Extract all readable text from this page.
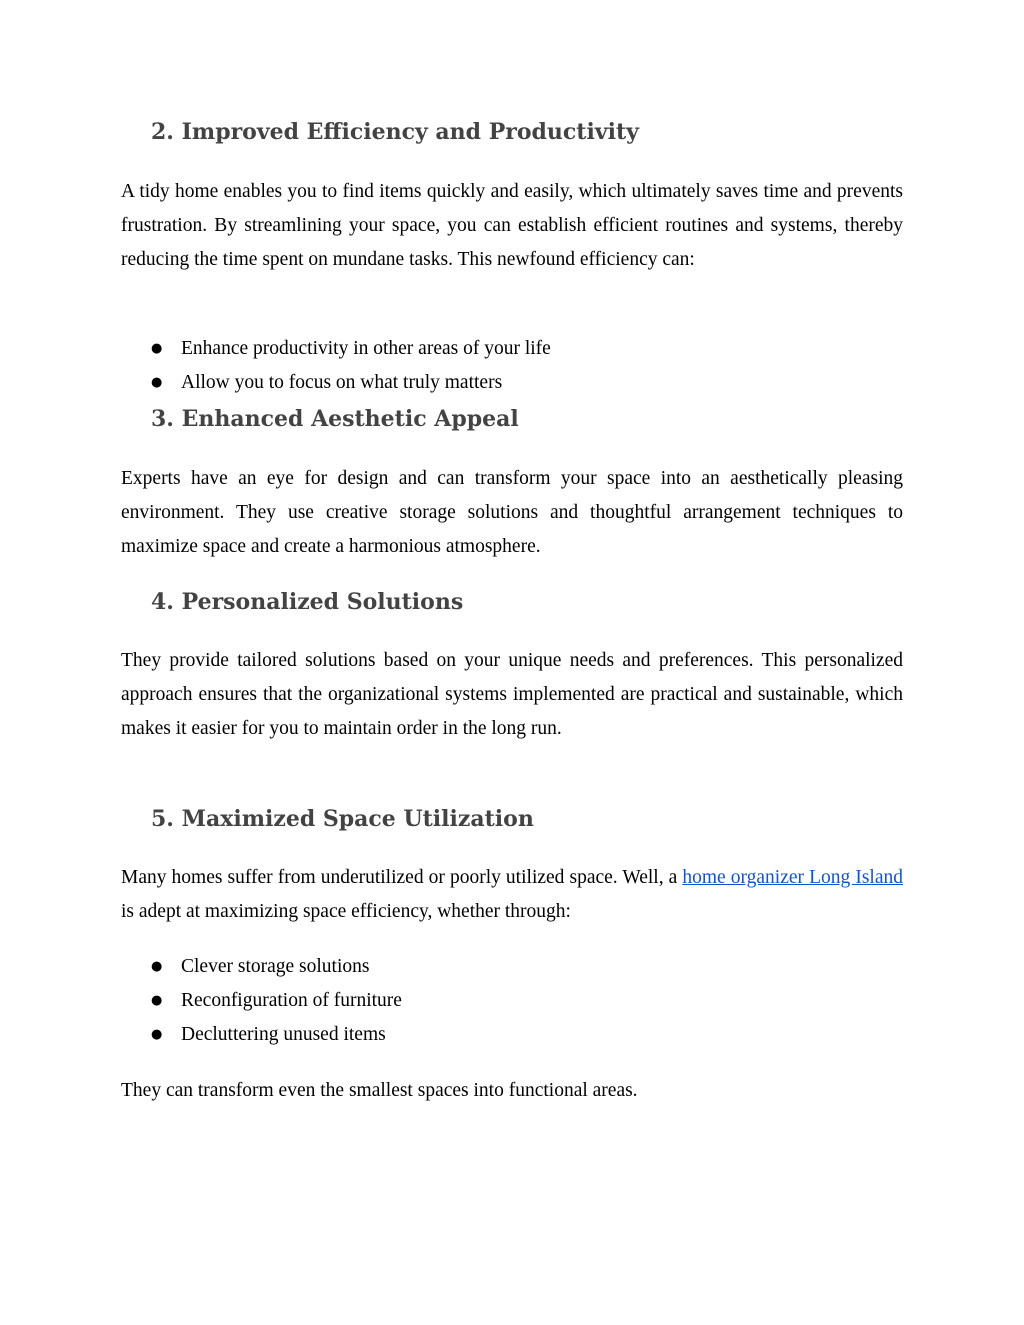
2. Improved Efficiency and Productivity

A tidy home enables you to find items quickly and easily, which ultimately saves time and prevents frustration. By streamlining your space, you can establish efficient routines and systems, thereby reducing the time spent on mundane tasks. This newfound efficiency can:

● Enhance productivity in other areas of your life
● Allow you to focus on what truly matters
3. Enhanced Aesthetic Appeal

Experts have an eye for design and can transform your space into an aesthetically pleasing environment. They use creative storage solutions and thoughtful arrangement techniques to maximize space and create a harmonious atmosphere.

4. Personalized Solutions

They provide tailored solutions based on your unique needs and preferences. This personalized approach ensures that the organizational systems implemented are practical and sustainable, which makes it easier for you to maintain order in the long run.

5. Maximized Space Utilization

Many homes suffer from underutilized or poorly utilized space. Well, a home organizer Long Island is adept at maximizing space efficiency, whether through:

● Clever storage solutions
● Reconfiguration of furniture
● Decluttering unused items

They can transform even the smallest spaces into functional areas.
